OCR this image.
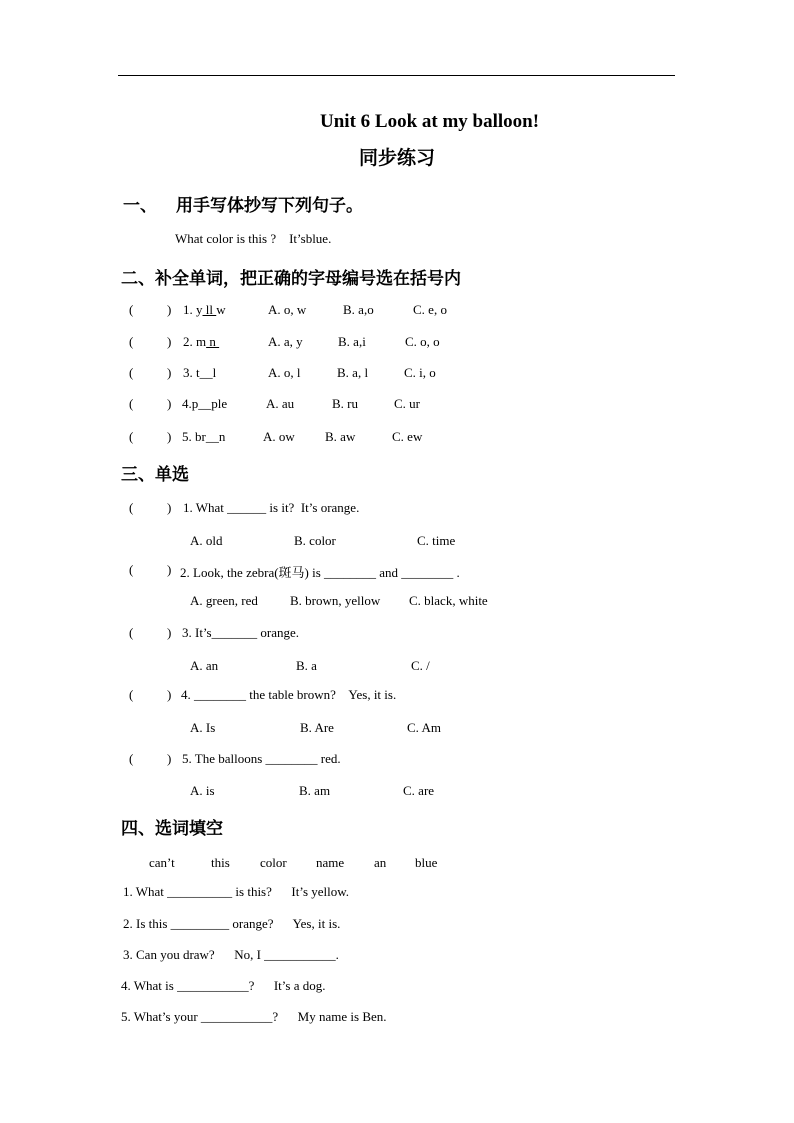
Unit 6 Look at my balloon!
同步练习
一、 用手写体抄写下列句子。
What color is this ?    It’sblue.
二、补全单词，把正确的字母编号选在括号内
(	) 1. y ll w	A. o, w	B. a,o	C. e, o
(	) 2. m n	A. a, y	B. a,i	C. o, o
(	) 3. t__l	A. o, l	B. a, l	C. i, o
(	) 4.p__ple	A. au	B. ru	C. ur
(	) 5. br__n	A. ow B. aw	C. ew
三、单选
(	) 1. What ______ is it?  It’s orange.
A. old	B. color	C. time
(	) 2. Look, the zebra(斑马) is ________ and ________ .
A. green, red B. brown, yellow C. black, white
(	) 3. It’s_______ orange.
A. an	B. a	C. /
(	) 4. ________ the table brown?    Yes, it is.
A. Is	B. Are	C. Am
(	) 5. The balloons ________ red.
A. is	B. am	C. are
四、选词填空
can’t	this color name an blue
1. What __________ is this?      It’s yellow.
2. Is this _________ orange?      Yes, it is.
3. Can you draw?      No, I ___________.
4. What is ___________?      It’s a dog.
5. What’s your ___________?      My name is Ben.
